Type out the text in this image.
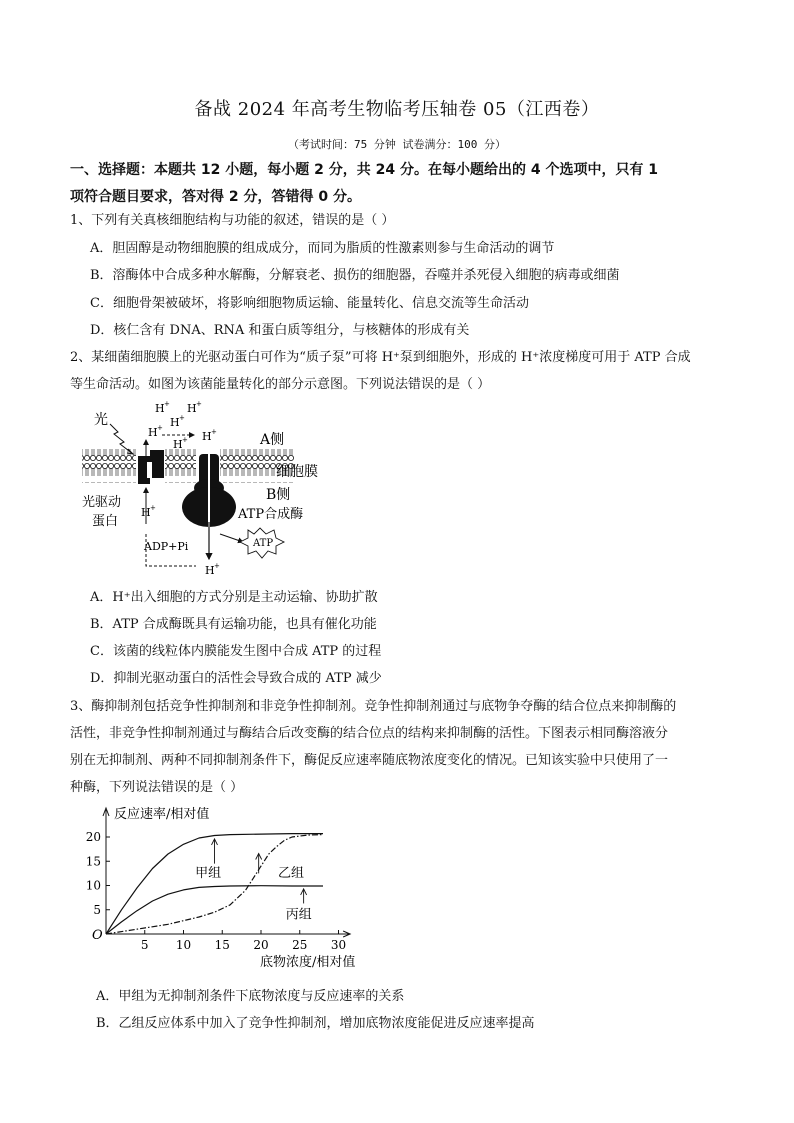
备战 2024 年高考生物临考压轴卷 05（江西卷）
（考试时间：75 分钟 试卷满分：100 分）
一、选择题：本题共 12 小题，每小题 2 分，共 24 分。在每小题给出的 4 个选项中，只有 1
项符合题目要求，答对得 2 分，答错得 0 分。
1、下列有关真核细胞结构与功能的叙述，错误的是（ ）
A．胆固醇是动物细胞膜的组成成分，而同为脂质的性激素则参与生命活动的调节
B．溶酶体中合成多种水解酶，分解衰老、损伤的细胞器，吞噬并杀死侵入细胞的病毒或细菌
C．细胞骨架被破坏，将影响细胞物质运输、能量转化、信息交流等生命活动
D．核仁含有 DNA、RNA 和蛋白质等组分，与核糖体的形成有关
2、某细菌细胞膜上的光驱动蛋白可作为“质子泵”可将 H⁺泵到细胞外，形成的 H⁺浓度梯度可用于 ATP 合成
等生命活动。如图为该菌能量转化的部分示意图。下列说法错误的是（ ）
光
A侧
细胞膜
B侧
光驱动
蛋白	ATP合成酶
ADP+Pi	ATP
H + H +
H +
H +
H + H +
H +
H +
A．H⁺出入细胞的方式分别是主动运输、协助扩散
B．ATP 合成酶既具有运输功能，也具有催化功能
C．该菌的线粒体内膜能发生图中合成 ATP 的过程
D．抑制光驱动蛋白的活性会导致合成的 ATP 减少
3、酶抑制剂包括竞争性抑制剂和非竞争性抑制剂。竞争性抑制剂通过与底物争夺酶的结合位点来抑制酶的
活性，非竞争性抑制剂通过与酶结合后改变酶的结合位点的结构来抑制酶的活性。下图表示相同酶溶液分
别在无抑制剂、两种不同抑制剂条件下，酶促反应速率随底物浓度变化的情况。已知该实验中只使用了一
种酶，下列说法错误的是（ ）
反应速率/相对值
底物浓度/相对值
O
5 10 15 20 25 30
20
15
10
5
甲组	乙组
丙组
A．甲组为无抑制剂条件下底物浓度与反应速率的关系
B．乙组反应体系中加入了竞争性抑制剂，增加底物浓度能促进反应速率提高
